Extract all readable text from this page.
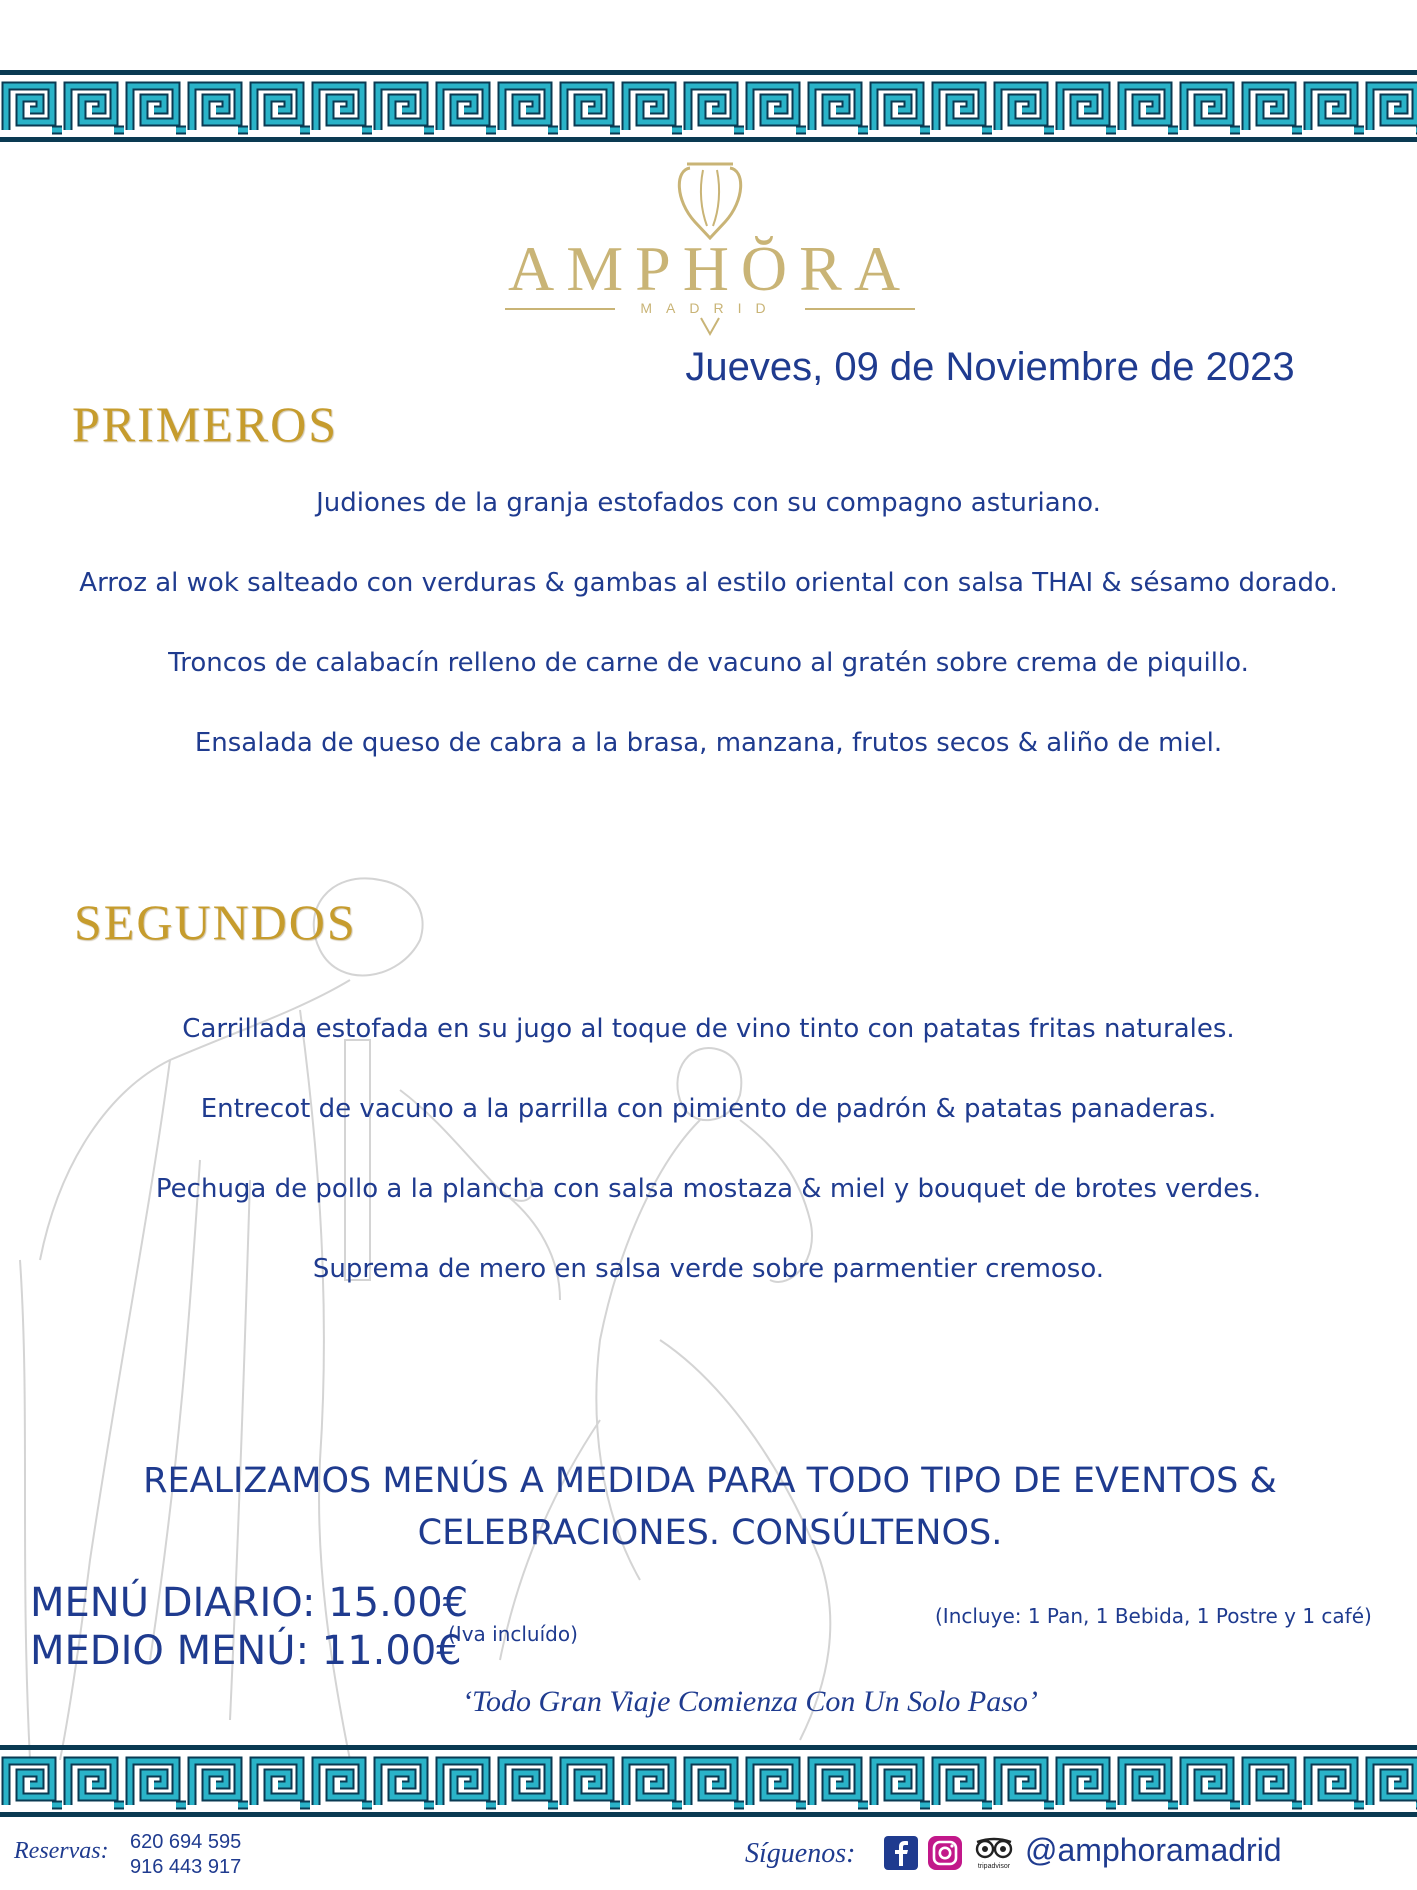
AMPHŎRA
MADRID
Jueves, 09 de Noviembre de 2023
PRIMEROS
Judiones de la granja estofados con su compagno asturiano.
Arroz al wok salteado con verduras & gambas al estilo oriental con salsa THAI & sésamo dorado.
Troncos de calabacín relleno de carne de vacuno al gratén sobre crema de piquillo.
Ensalada de queso de cabra a la brasa, manzana, frutos secos & aliño de miel.
SEGUNDOS
Carrillada estofada en su jugo al toque de vino tinto con patatas fritas naturales.
Entrecot de vacuno a la parrilla con pimiento de padrón & patatas panaderas.
Pechuga de pollo a la plancha con salsa mostaza & miel y bouquet de brotes verdes.
Suprema de mero en salsa verde sobre parmentier cremoso.
REALIZAMOS MENÚS A MEDIDA PARA TODO TIPO DE EVENTOS &
CELEBRACIONES. CONSÚLTENOS.
MENÚ DIARIO: 15.00€
MEDIO MENÚ: 11.00€
(Iva incluído)
(Incluye: 1 Pan, 1 Bebida, 1 Postre y 1 café)
‘Todo Gran Viaje Comienza Con Un Solo Paso’
Reservas: 620 694 595
916 443 917	Síguenos:	tripadvisor @amphoramadrid
